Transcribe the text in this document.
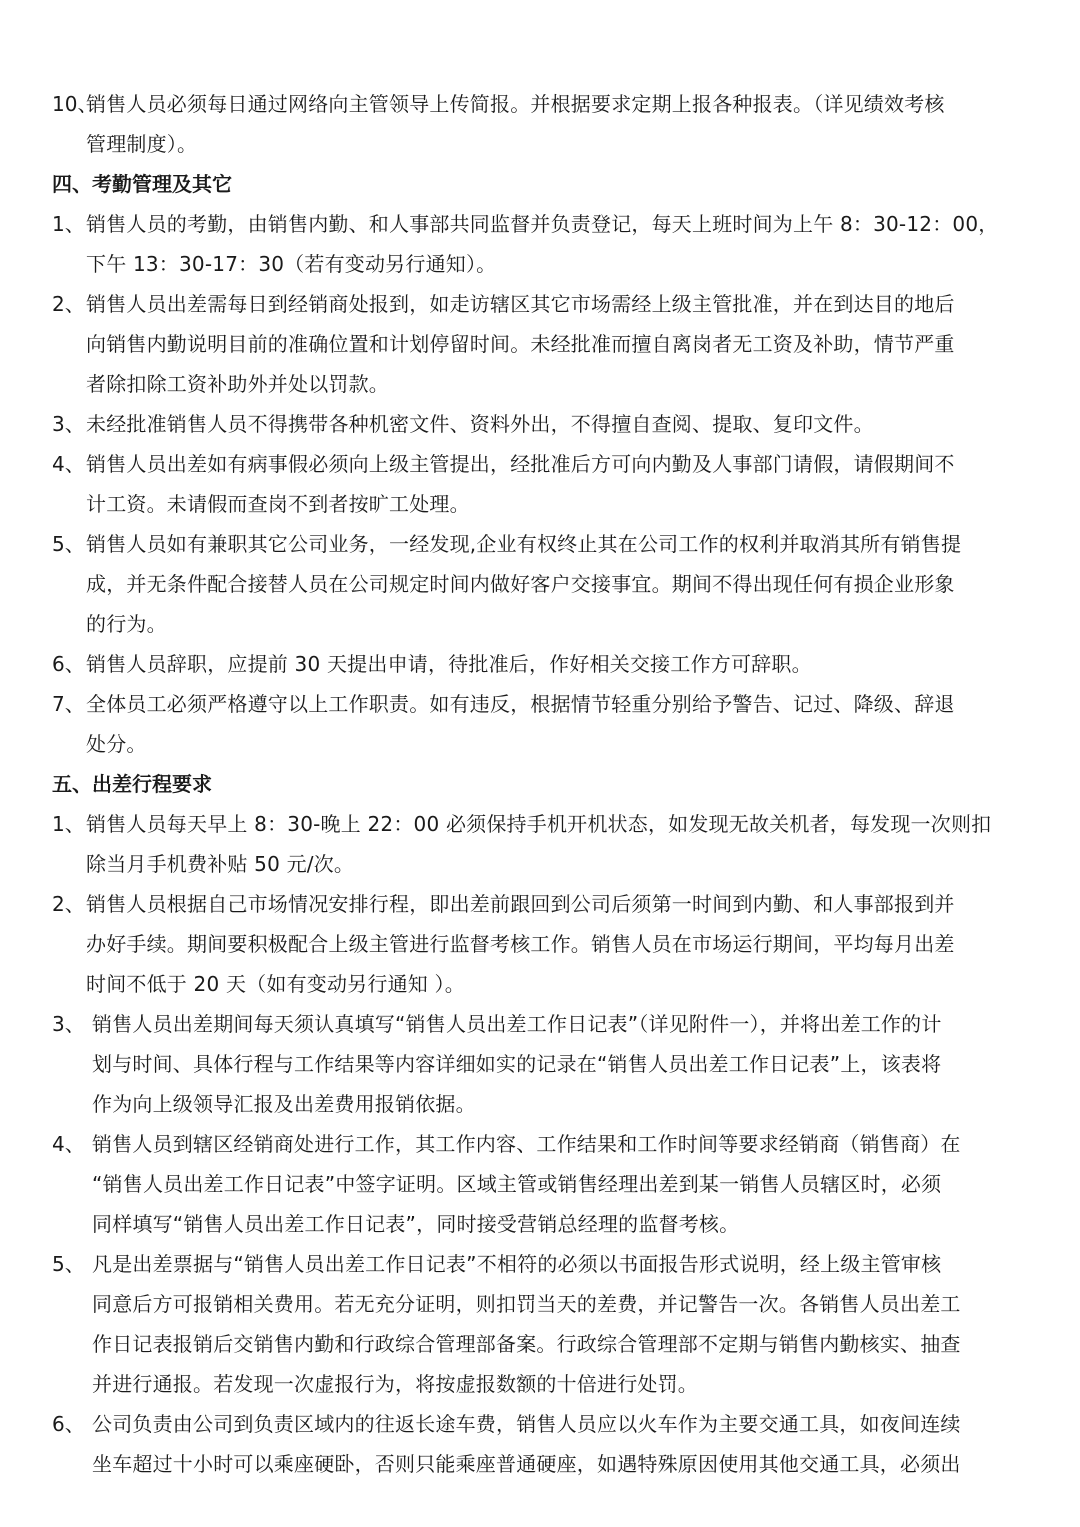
10、
销售人员必须每日通过网络向主管领导上传简报。并根据要求定期上报各种报表。（详见绩效考核
管理制度）。
四、考勤管理及其它
1、 销售人员的考勤，由销售内勤、和人事部共同监督并负责登记，每天上班时间为上午 8：30-12：00，
下午 13：30-17：30（若有变动另行通知）。
2、 销售人员出差需每日到经销商处报到，如走访辖区其它市场需经上级主管批准，并在到达目的地后
向销售内勤说明目前的准确位置和计划停留时间。未经批准而擅自离岗者无工资及补助，情节严重
者除扣除工资补助外并处以罚款。
3、 未经批准销售人员不得携带各种机密文件、资料外出，不得擅自查阅、提取、复印文件。
4、 销售人员出差如有病事假必须向上级主管提出，经批准后方可向内勤及人事部门请假，请假期间不
计工资。未请假而查岗不到者按旷工处理。
5、 销售人员如有兼职其它公司业务，一经发现,企业有权终止其在公司工作的权利并取消其所有销售提
成，并无条件配合接替人员在公司规定时间内做好客户交接事宜。期间不得出现任何有损企业形象
的行为。
6、 销售人员辞职，应提前 30 天提出申请，待批准后，作好相关交接工作方可辞职。
7、 全体员工必须严格遵守以上工作职责。如有违反，根据情节轻重分别给予警告、记过、降级、辞退
处分。
五、出差行程要求
1、 销售人员每天早上 8：30-晚上 22：00 必须保持手机开机状态，如发现无故关机者，每发现一次则扣
除当月手机费补贴 50 元/次。
2、 销售人员根据自己市场情况安排行程，即出差前跟回到公司后须第一时间到内勤、和人事部报到并
办好手续。期间要积极配合上级主管进行监督考核工作。销售人员在市场运行期间，平均每月出差
时间不低于 20 天（如有变动另行通知 ）。
3、 销售人员出差期间每天须认真填写“销售人员出差工作日记表”（详见附件一），并将出差工作的计
划与时间、具体行程与工作结果等内容详细如实的记录在“销售人员出差工作日记表”上，该表将
作为向上级领导汇报及出差费用报销依据。
4、 销售人员到辖区经销商处进行工作，其工作内容、工作结果和工作时间等要求经销商（销售商）在
“销售人员出差工作日记表”中签字证明。区域主管或销售经理出差到某一销售人员辖区时，必须
同样填写“销售人员出差工作日记表”，同时接受营销总经理的监督考核。
5、 凡是出差票据与“销售人员出差工作日记表”不相符的必须以书面报告形式说明，经上级主管审核
同意后方可报销相关费用。若无充分证明，则扣罚当天的差费，并记警告一次。各销售人员出差工
作日记表报销后交销售内勤和行政综合管理部备案。行政综合管理部不定期与销售内勤核实、抽查
并进行通报。若发现一次虚报行为，将按虚报数额的十倍进行处罚。
6、 公司负责由公司到负责区域内的往返长途车费，销售人员应以火车作为主要交通工具，如夜间连续
坐车超过十小时可以乘座硬卧，否则只能乘座普通硬座，如遇特殊原因使用其他交通工具，必须出
